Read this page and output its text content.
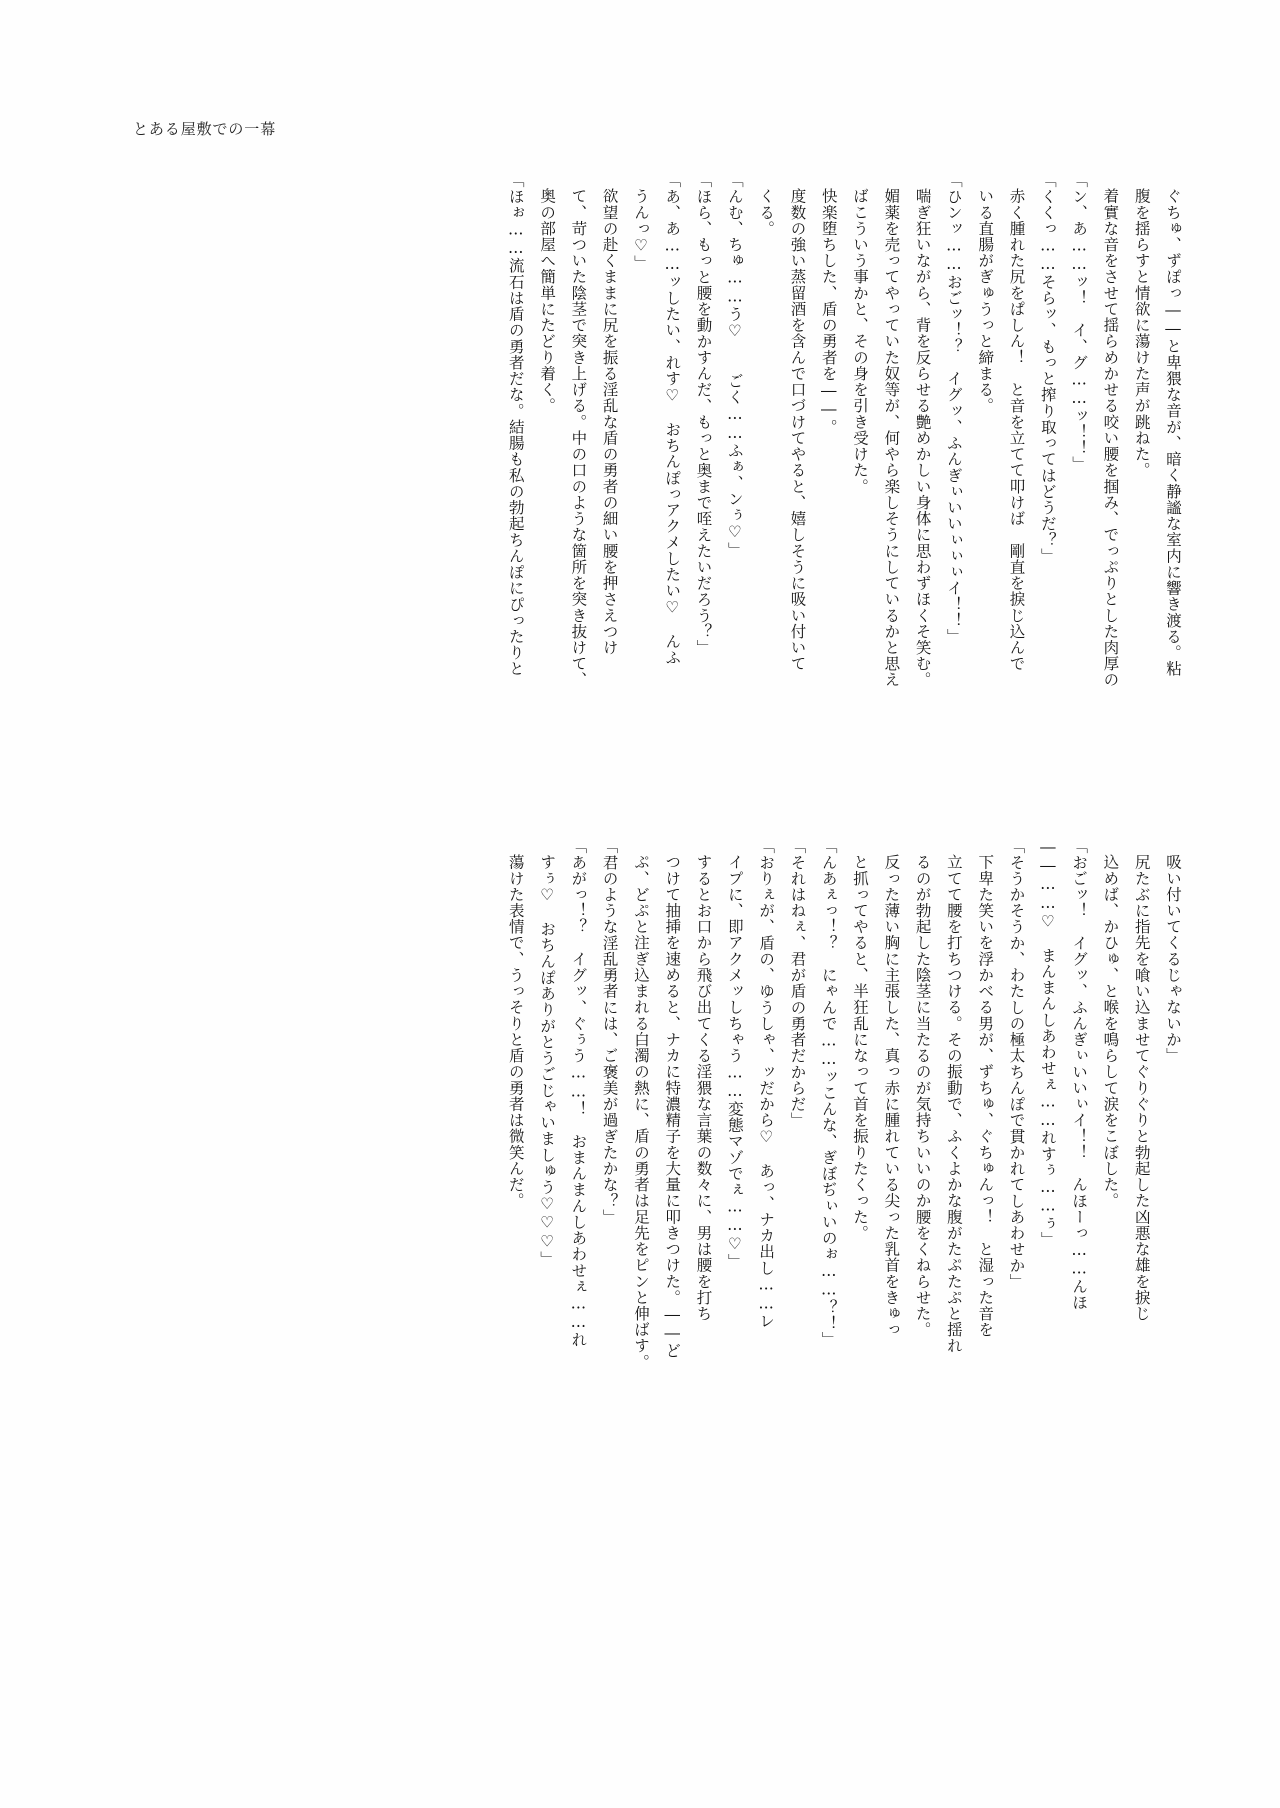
とある屋敷での一幕

ぐちゅ、ずぽっ――と卑猥な音が、暗く静謐な室内に響き渡る。粘

腹を揺らすと情欲に蕩けた声が跳ねた。

着實な音をさせて揺らめかせる咬い腰を掴み、でっぷりとした肉厚の

「ン、あ……ッ！　イ、グ……ッ！！」

「くくっ……そらッ、もっと搾り取ってはどうだ？」

赤く腫れた尻をぱしん！　と音を立てて叩けば　剛直を捩じ込んで

いる直腸がぎゅうっと締まる。

「ひンッ……おごッ！？　イグッ、ふんぎぃいいぃぃぃイ！！」

喘ぎ狂いながら、背を反らせる艶めかしい身体に思わずほくそ笑む。

媚薬を売ってやっていた奴等が、何やら楽しそうにしているかと思え

ばこういう事かと、その身を引き受けた。

快楽堕ちした、盾の勇者を――。

度数の強い蒸留酒を含んで口づけてやると、嬉しそうに吸い付いて

くる。

「んむ、ちゅ……う♡　　ごく……ふぁ、ンぅ♡」

「ほら、もっと腰を動かすんだ、もっと奥まで咥えたいだろう？」

「あ、あ……ッしたい、れす♡　おちんぽっアクメしたい♡　んふ

うんっ♡」

欲望の赴くままに尻を振る淫乱な盾の勇者の細い腰を押さえつけ

て、苛ついた陰茎で突き上げる。中の口のような箇所を突き抜けて、

奥の部屋へ簡単にたどり着く。

「ほぉ……流石は盾の勇者だな。結腸も私の勃起ちんぽにぴったりと

吸い付いてくるじゃないか」

尻たぶに指先を喰い込ませてぐりぐりと勃起した凶悪な雄を捩じ

込めば、かひゅ、と喉を鳴らして涙をこぼした。

「おごッ！　イグッ、ふんぎぃいいぃイ！！　んほーっ……んほ

――……♡　まんまんしあわせぇ……れすぅ……ぅ」

「そうかそうか、わたしの極太ちんぽで貫かれてしあわせか」

下卑た笑いを浮かべる男が、ずちゅ、ぐちゅんっ！　と湿った音を

立てて腰を打ちつける。その振動で、ふくよかな腹がたぷたぷと揺れ

るのが勃起した陰茎に当たるのが気持ちいいのか腰をくねらせた。

反った薄い胸に主張した、真っ赤に腫れている尖った乳首をきゅっ

と抓ってやると、半狂乱になって首を振りたくった。

「んあぇっ！？　にゃんで……ッこんな、ぎぼぢぃいのぉ……？！」

「それはねぇ、君が盾の勇者だからだ」

「おりぇが、盾の、ゆうしゃ、ッだから♡　あっ、ナカ出し……レ

イプに、即アクメッしちゃう……変態マゾでぇ……♡」

するとお口から飛び出てくる淫猥な言葉の数々に、男は腰を打ち

つけて抽挿を速めると、ナカに特濃精子を大量に叩きつけた。――ど

ぷ、どぷと注ぎ込まれる白濁の熱に、盾の勇者は足先をピンと伸ばす。

「君のような淫乱勇者には、ご褒美が過ぎたかな？」

「あがっ！？　イグッ、ぐぅう……！　おまんまんしあわせぇ……れ

すぅ♡　おちんぽありがとうごじゃいましゅう♡♡♡」

蕩けた表情で、うっそりと盾の勇者は微笑んだ。
